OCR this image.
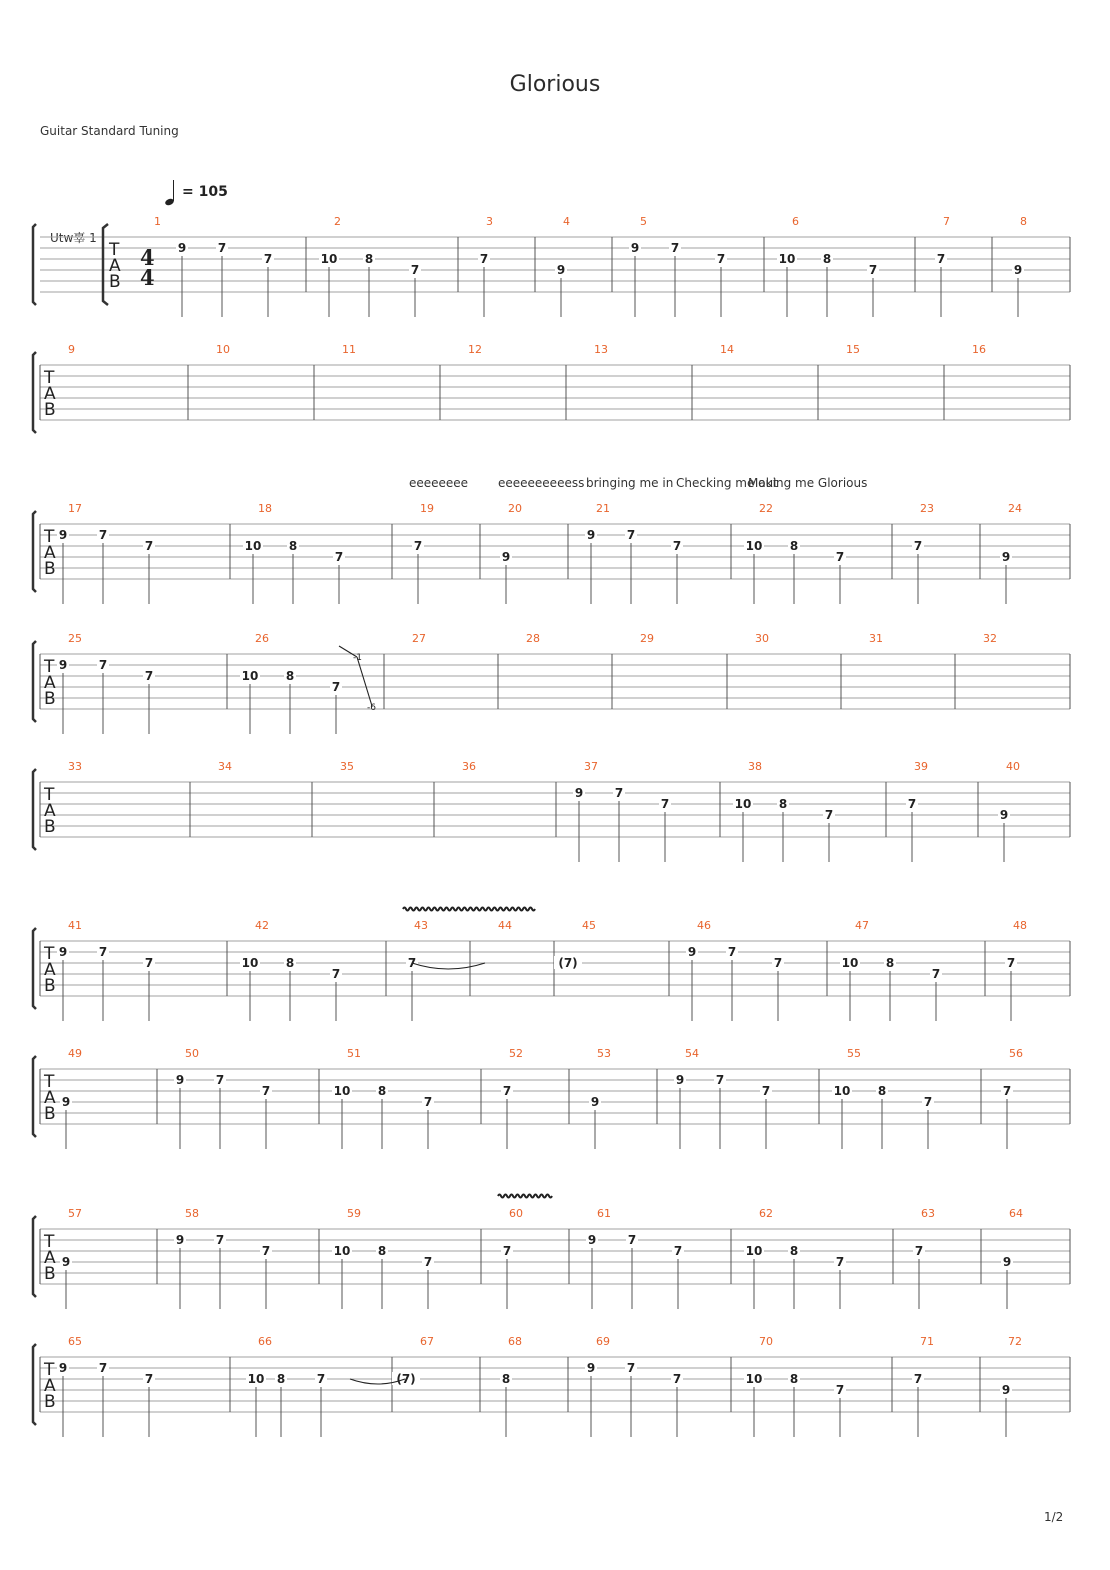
Glorious
Guitar Standard Tuning
= 105
Utw辜 1
T
A
B
4
4
1
9	7
7
2
10 8
7
3
7
4
9
5
9	7
7
6
10 8
7
7
7
8
9
T
A
B
9	10	11	12	13	14	15	16
T
A
B
17
9	7
7
18
10 8
7
19
7
20
9
21
9	7
7
22
10 8
7
23
7
24
9
T
A
B
25
9	7
7
26
10 8
7
27	28	29	30	31	32
T
A
B
33	34	35	36	37
9	7
7
38
10 8
7
39
7
40
9
T
A
B
41
9	7
7
42
10 8
7
43
7
44
(7)
45	46
9	7
7
47
10 8
7
48
7
T
A
B
49
9
50
9	7
7
51
10 8
7
52
7
53
9
54
9	7
7
55
10 8
7
56
7
T
A
B
57
9
58
9	7
7
59
10 8
7
60
7
61
9	7
7
62
10 8
7
63
7
64
9
T
A
B
65
9	7
7
66
10 8	7	(7)
67	68
8
69
9	7
7
70
10 8
7
71
7
72
9
-1
-6
eeeeeeee eeeeeeeeeess bringing me in Checking me out
Making me Glorious
1/2
